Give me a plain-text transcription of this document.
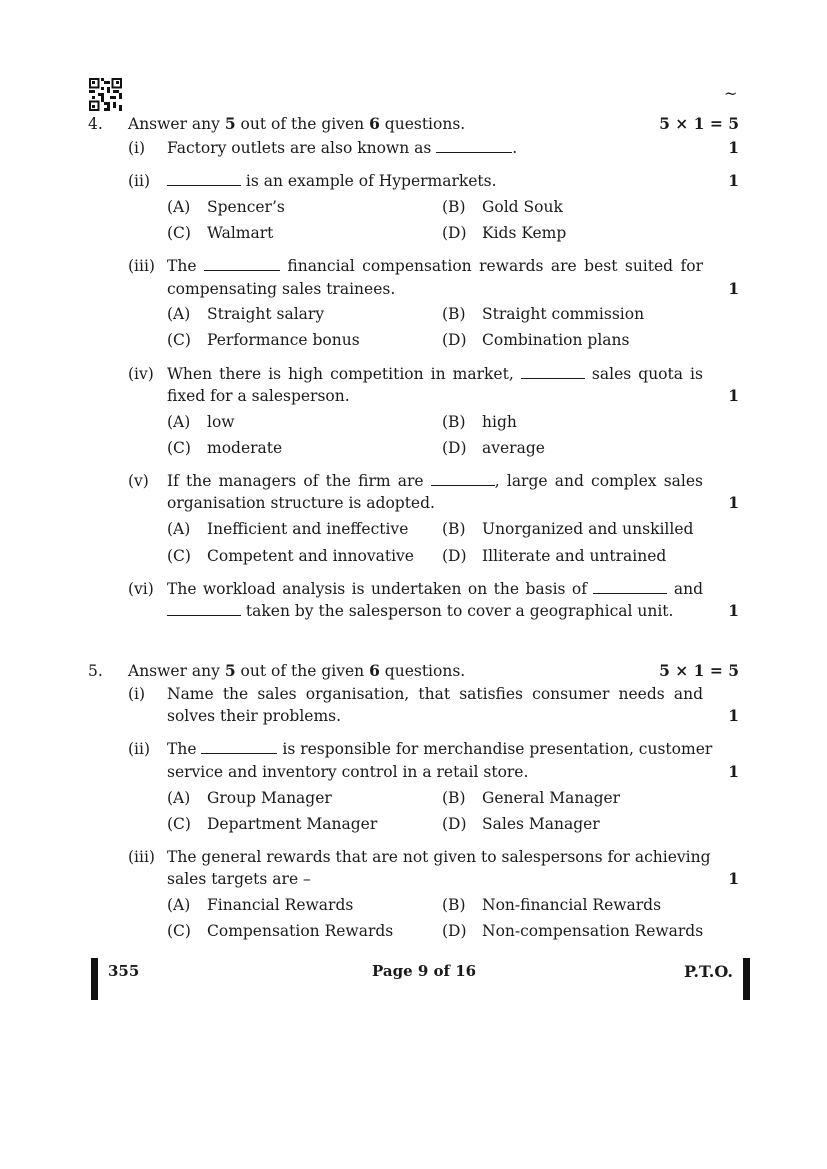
~
4. Answer any 5 out of the given 6 questions.	5 × 1 = 5
(i) Factory outlets are also known as	.	1
(ii)	is an example of Hypermarkets.	1
(A) Spencer’s	(B) Gold Souk
(C) Walmart	(D) Kids Kemp
(iii) The	financial compensation rewards are best suited for
compensating sales trainees.	1
(A) Straight salary	(B) Straight commission
(C) Performance bonus	(D) Combination plans
(iv) When there is high competition in market,	sales quota is
fixed for a salesperson.	1
(A) low	(B) high
(C) moderate	(D) average
(v) If the managers of the firm are	, large and complex sales
organisation structure is adopted.	1
(A) Inefficient and ineffective (B) Unorganized and unskilled
(C) Competent and innovative (D) Illiterate and untrained
(vi) The workload analysis is undertaken on the basis of	and
taken by the salesperson to cover a geographical unit.	1
5. Answer any 5 out of the given 6 questions.	5 × 1 = 5
(i) Name the sales organisation, that satisfies consumer needs and
solves their problems.	1
(ii) The	is responsible for merchandise presentation, customer
service and inventory control in a retail store.	1
(A) Group Manager	(B) General Manager
(C) Department Manager	(D) Sales Manager
(iii) The general rewards that are not given to salespersons for achieving
sales targets are –	1
(A) Financial Rewards	(B) Non-financial Rewards
(C) Compensation Rewards	(D) Non-compensation Rewards
355	Page 9 of 16	P.T.O.
